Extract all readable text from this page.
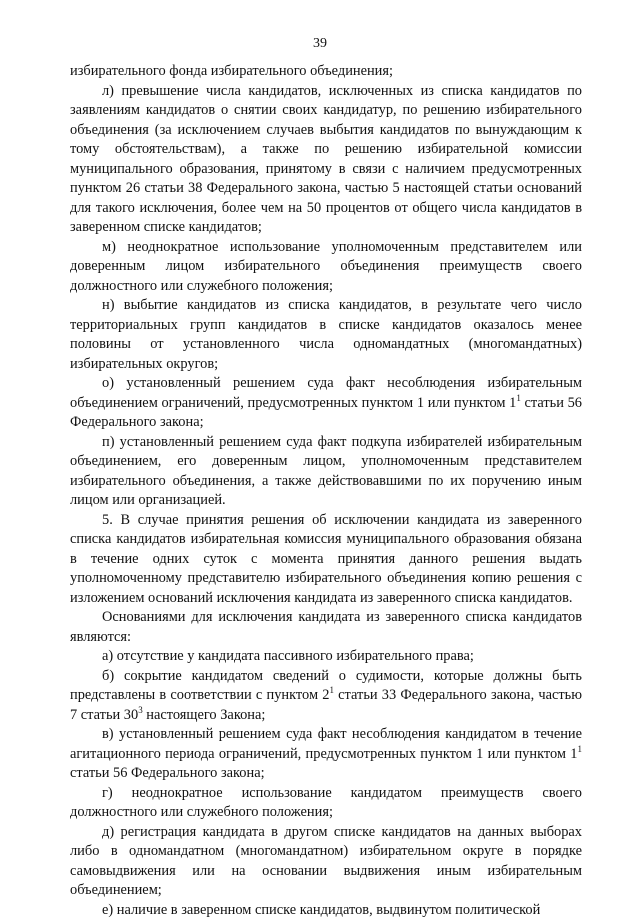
39

избирательного фонда избирательного объединения;

л) превышение числа кандидатов, исключенных из списка кандидатов по заявлениям кандидатов о снятии своих кандидатур, по решению избирательного объединения (за исключением случаев выбытия кандидатов по вынуждающим к тому обстоятельствам), а также по решению избирательной комиссии муниципального образования, принятому в связи с наличием предусмотренных пунктом 26 статьи 38 Федерального закона, частью 5 настоящей статьи оснований для такого исключения, более чем на 50 процентов от общего числа кандидатов в заверенном списке кандидатов;

м) неоднократное использование уполномоченным представителем или доверенным лицом избирательного объединения преимуществ своего должностного или служебного положения;

н) выбытие кандидатов из списка кандидатов, в результате чего число территориальных групп кандидатов в списке кандидатов оказалось менее половины от установленного числа одномандатных (многомандатных) избирательных округов;

о) установленный решением суда факт несоблюдения избирательным объединением ограничений, предусмотренных пунктом 1 или пунктом $1^1$ статьи 56 Федерального закона;

п) установленный решением суда факт подкупа избирателей избирательным объединением, его доверенным лицом, уполномоченным представителем избирательного объединения, а также действовавшими по их поручению иным лицом или организацией.

5. В случае принятия решения об исключении кандидата из заверенного списка кандидатов избирательная комиссия муниципального образования обязана в течение одних суток с момента принятия данного решения выдать уполномоченному представителю избирательного объединения копию решения с изложением оснований исключения кандидата из заверенного списка кандидатов.

Основаниями для исключения кандидата из заверенного списка кандидатов являются:

а) отсутствие у кандидата пассивного избирательного права;

б) сокрытие кандидатом сведений о судимости, которые должны быть представлены в соответствии с пунктом $2^1$ статьи 33 Федерального закона, частью 7 статьи $30^3$ настоящего Закона;

в) установленный решением суда факт несоблюдения кандидатом в течение агитационного периода ограничений, предусмотренных пунктом 1 или пунктом $1^1$ статьи 56 Федерального закона;

г) неоднократное использование кандидатом преимуществ своего должностного или служебного положения;

д) регистрация кандидата в другом списке кандидатов на данных выборах либо в одномандатном (многомандатном) избирательном округе в порядке самовыдвижения или на основании выдвижения иным избирательным объединением;

е) наличие в заверенном списке кандидатов, выдвинутом политической
